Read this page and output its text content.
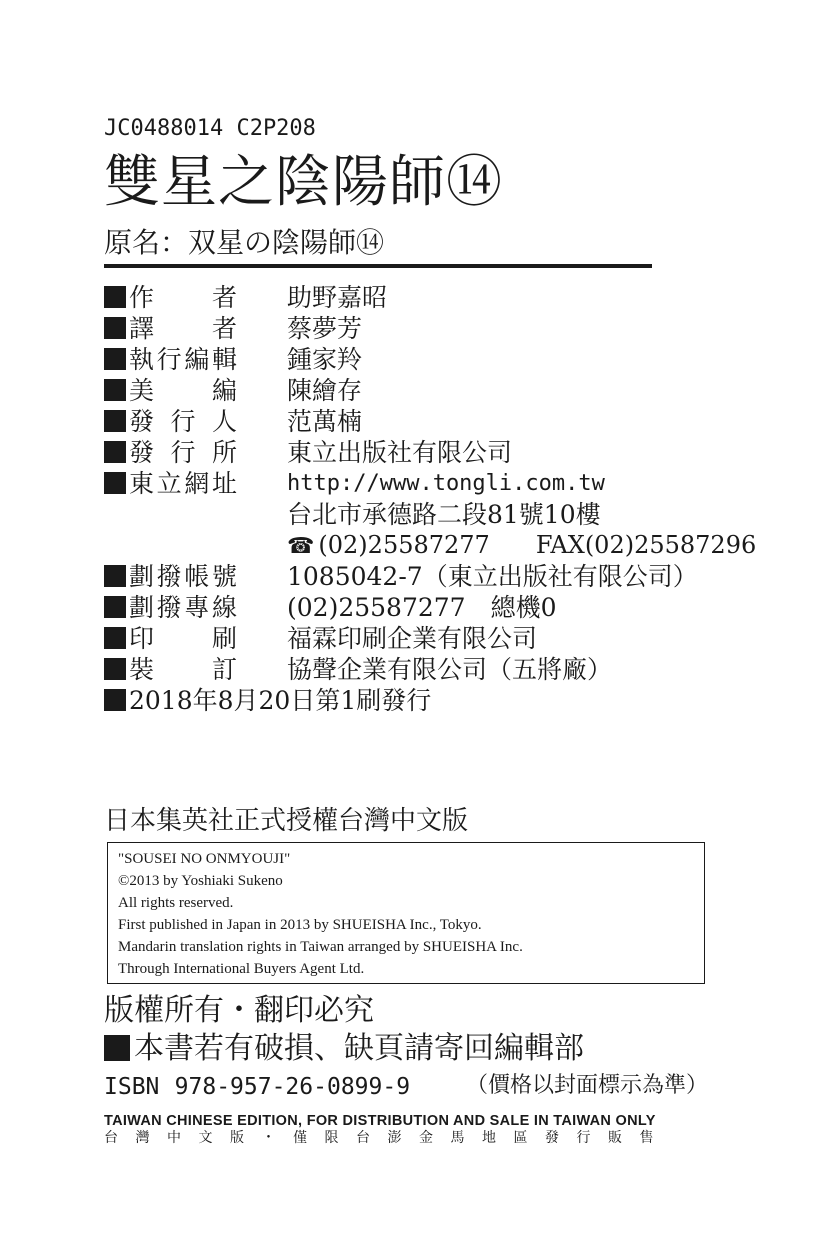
JC0488014 C2P208
雙星之陰陽師⑭
原名：双星の陰陽師⑭
作　者 助野嘉昭
譯　者 蔡夢芳
執行編輯 鍾家羚
美　編 陳繪存
發行人 范萬楠
發行所 東立出版社有限公司
東立網址 http://www.tongli.com.tw
台北市承德路二段81號10樓
☎ (02)25587277 FAX(02)25587296
劃撥帳號 1085042-7（東立出版社有限公司）
劃撥專線 (02)25587277　總機0
印　刷 福霖印刷企業有限公司
裝　訂 協聲企業有限公司（五將廠）
2018年8月20日第1刷發行
日本集英社正式授權台灣中文版
"SOUSEI NO ONMYOUJI"
©2013 by Yoshiaki Sukeno
All rights reserved.
First published in Japan in 2013 by SHUEISHA Inc., Tokyo.
Mandarin translation rights in Taiwan arranged by SHUEISHA Inc.
Through International Buyers Agent Ltd.
版權所有・翻印必究
本書若有破損、缺頁請寄回編輯部
ISBN 978-957-26-0899-9	（價格以封面標示為準）
TAIWAN CHINESE EDITION, FOR DISTRIBUTION AND SALE IN TAIWAN ONLY
台灣中文版・僅限台澎金馬地區發行販售
